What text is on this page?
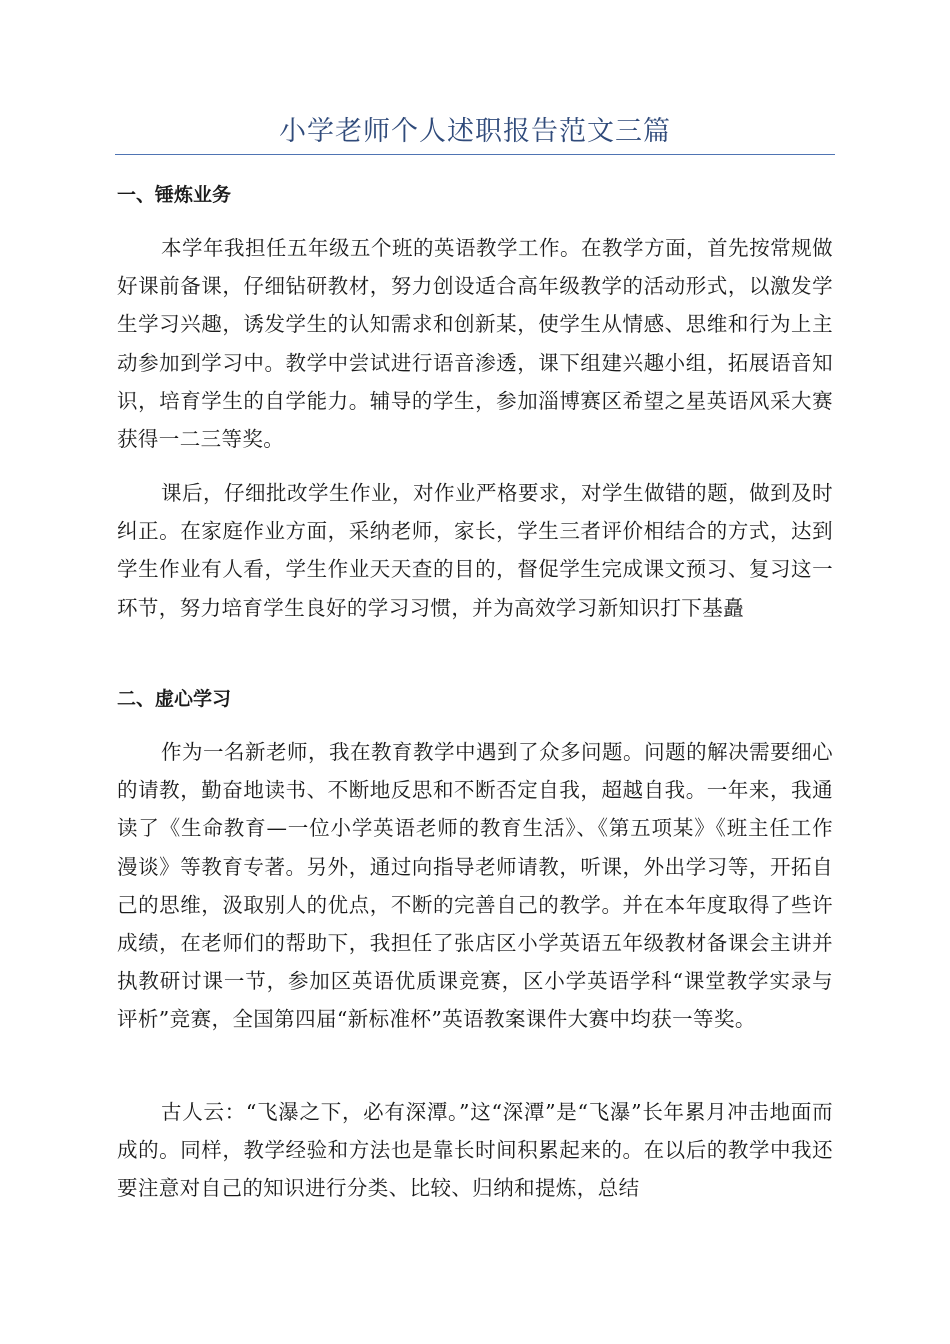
小学老师个人述职报告范文三篇
一、锤炼业务
本学年我担任五年级五个班的英语教学工作。在教学方面，首先按常规做好课前备课，仔细钻研教材，努力创设适合高年级教学的活动形式，以激发学生学习兴趣，诱发学生的认知需求和创新某，使学生从情感、思维和行为上主动参加到学习中。教学中尝试进行语音渗透，课下组建兴趣小组，拓展语音知识，培育学生的自学能力。辅导的学生，参加淄博赛区希望之星英语风采大赛获得一二三等奖。
课后，仔细批改学生作业，对作业严格要求，对学生做错的题，做到及时纠正。在家庭作业方面，采纳老师，家长，学生三者评价相结合的方式，达到学生作业有人看，学生作业天天查的目的，督促学生完成课文预习、复习这一环节，努力培育学生良好的学习习惯，并为高效学习新知识打下基矗
二、虚心学习
作为一名新老师，我在教育教学中遇到了众多问题。问题的解决需要细心的请教，勤奋地读书、不断地反思和不断否定自我，超越自我。一年来，我通读了《生命教育—一位小学英语老师的教育生活》、《第五项某》《班主任工作漫谈》等教育专著。另外，通过向指导老师请教，听课，外出学习等，开拓自己的思维，汲取别人的优点，不断的完善自己的教学。并在本年度取得了些许成绩，在老师们的帮助下，我担任了张店区小学英语五年级教材备课会主讲并执教研讨课一节，参加区英语优质课竞赛，区小学英语学科“课堂教学实录与评析”竞赛，全国第四届“新标准杯”英语教案课件大赛中均获一等奖。
古人云：“飞瀑之下，必有深潭。”这“深潭”是“飞瀑”长年累月冲击地面而成的。同样，教学经验和方法也是靠长时间积累起来的。在以后的教学中我还要注意对自己的知识进行分类、比较、归纳和提炼，总结
